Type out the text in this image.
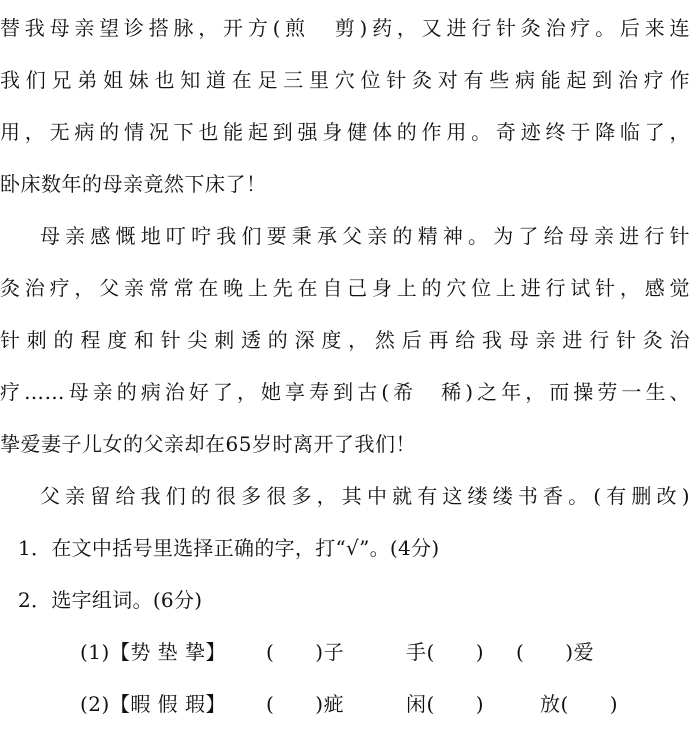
替我母亲望诊搭脉，开方(煎　剪)药，又进行针灸治疗。后来连
我们兄弟姐妹也知道在足三里穴位针灸对有些病能起到治疗作
用，无病的情况下也能起到强身健体的作用。奇迹终于降临了，
卧床数年的母亲竟然下床了！
母亲感慨地叮咛我们要秉承父亲的精神。为了给母亲进行针
灸治疗，父亲常常在晚上先在自己身上的穴位上进行试针，感觉
针刺的程度和针尖刺透的深度，然后再给我母亲进行针灸治
疗……母亲的病治好了，她享寿到古(希　稀)之年，而操劳一生、
挚爱妻子儿女的父亲却在65岁时离开了我们！
父亲留给我们的很多很多，其中就有这缕缕书香。(有删改)
1．在文中括号里选择正确的字，打“√”。(4分)
2．选字组词。(6分)
(1)【势 垫 挚】 (　　)子	手(　　) (　　)爱
(2)【暇 假 瑕】 (　　)疵	闲(　　)	放(　　)
